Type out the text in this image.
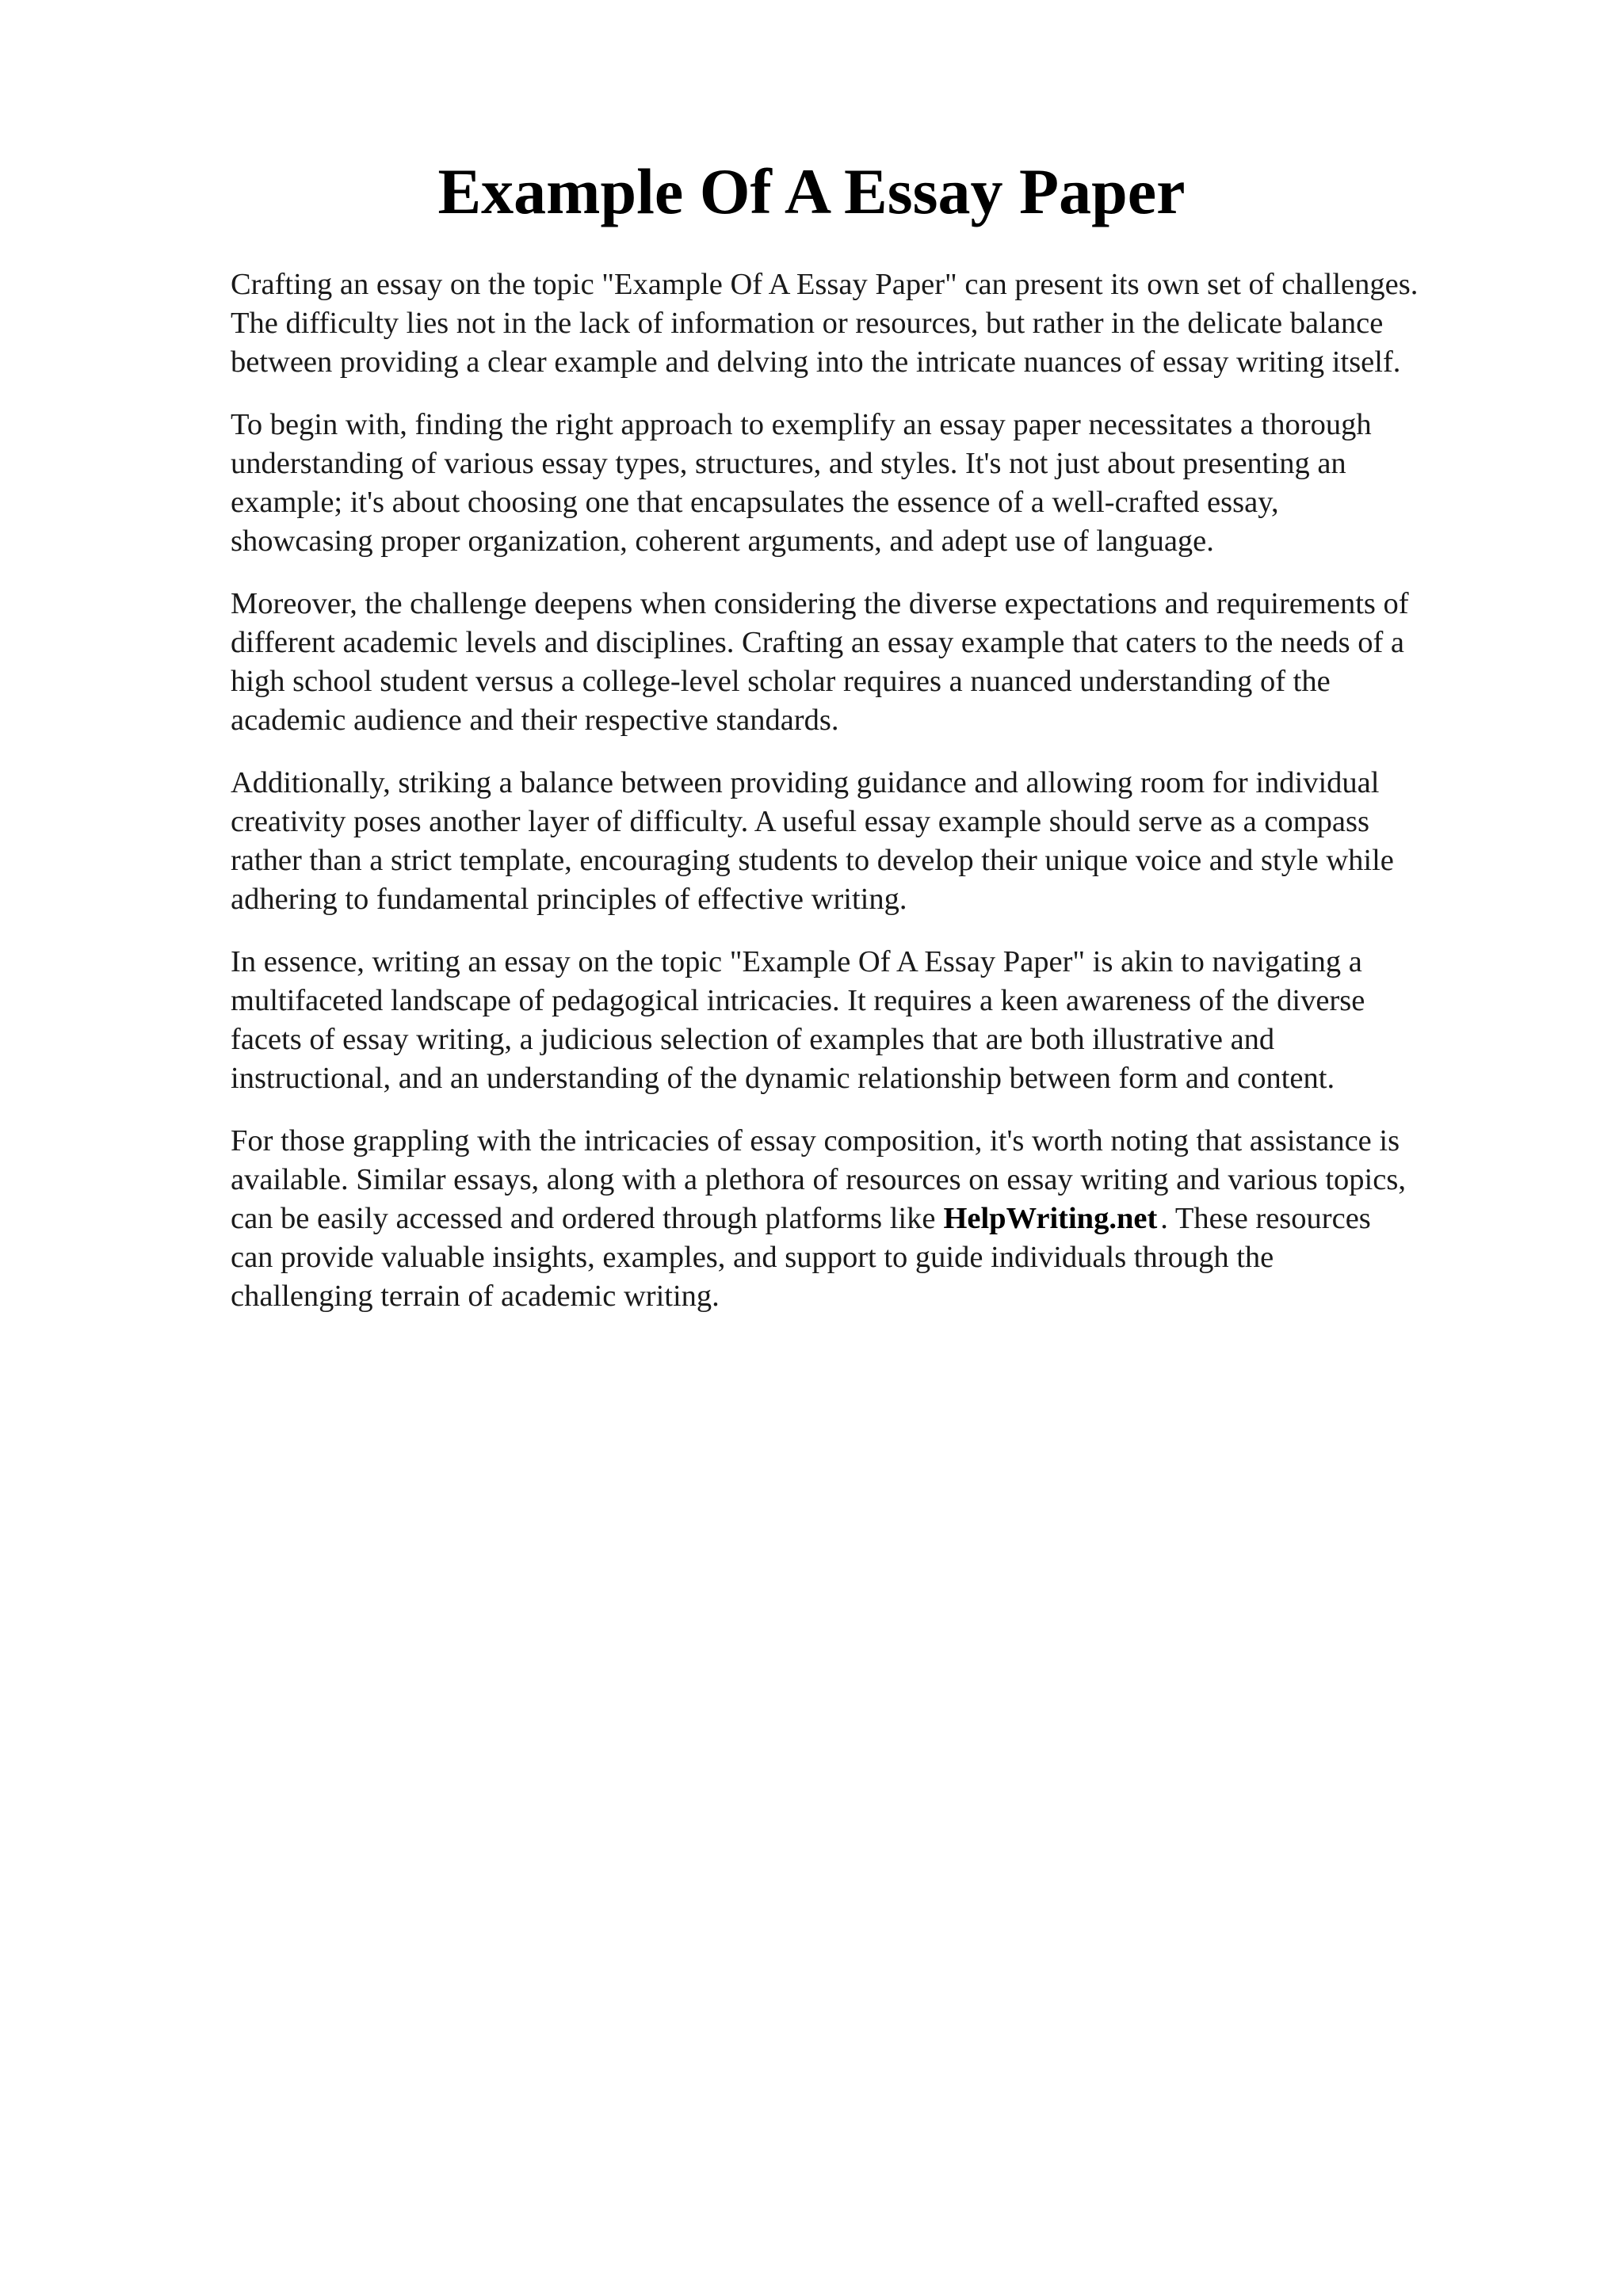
Example Of A Essay Paper

Crafting an essay on the topic "Example Of A Essay Paper" can present its own set of challenges.
The difficulty lies not in the lack of information or resources, but rather in the delicate balance
between providing a clear example and delving into the intricate nuances of essay writing itself.

To begin with, finding the right approach to exemplify an essay paper necessitates a thorough
understanding of various essay types, structures, and styles. It's not just about presenting an
example; it's about choosing one that encapsulates the essence of a well-crafted essay,
showcasing proper organization, coherent arguments, and adept use of language.

Moreover, the challenge deepens when considering the diverse expectations and requirements of
different academic levels and disciplines. Crafting an essay example that caters to the needs of a
high school student versus a college-level scholar requires a nuanced understanding of the
academic audience and their respective standards.

Additionally, striking a balance between providing guidance and allowing room for individual
creativity poses another layer of difficulty. A useful essay example should serve as a compass
rather than a strict template, encouraging students to develop their unique voice and style while
adhering to fundamental principles of effective writing.

In essence, writing an essay on the topic "Example Of A Essay Paper" is akin to navigating a
multifaceted landscape of pedagogical intricacies. It requires a keen awareness of the diverse
facets of essay writing, a judicious selection of examples that are both illustrative and
instructional, and an understanding of the dynamic relationship between form and content.

For those grappling with the intricacies of essay composition, it's worth noting that assistance is
available. Similar essays, along with a plethora of resources on essay writing and various topics,
can be easily accessed and ordered through platforms like HelpWriting.net . These resources
can provide valuable insights, examples, and support to guide individuals through the
challenging terrain of academic writing.
